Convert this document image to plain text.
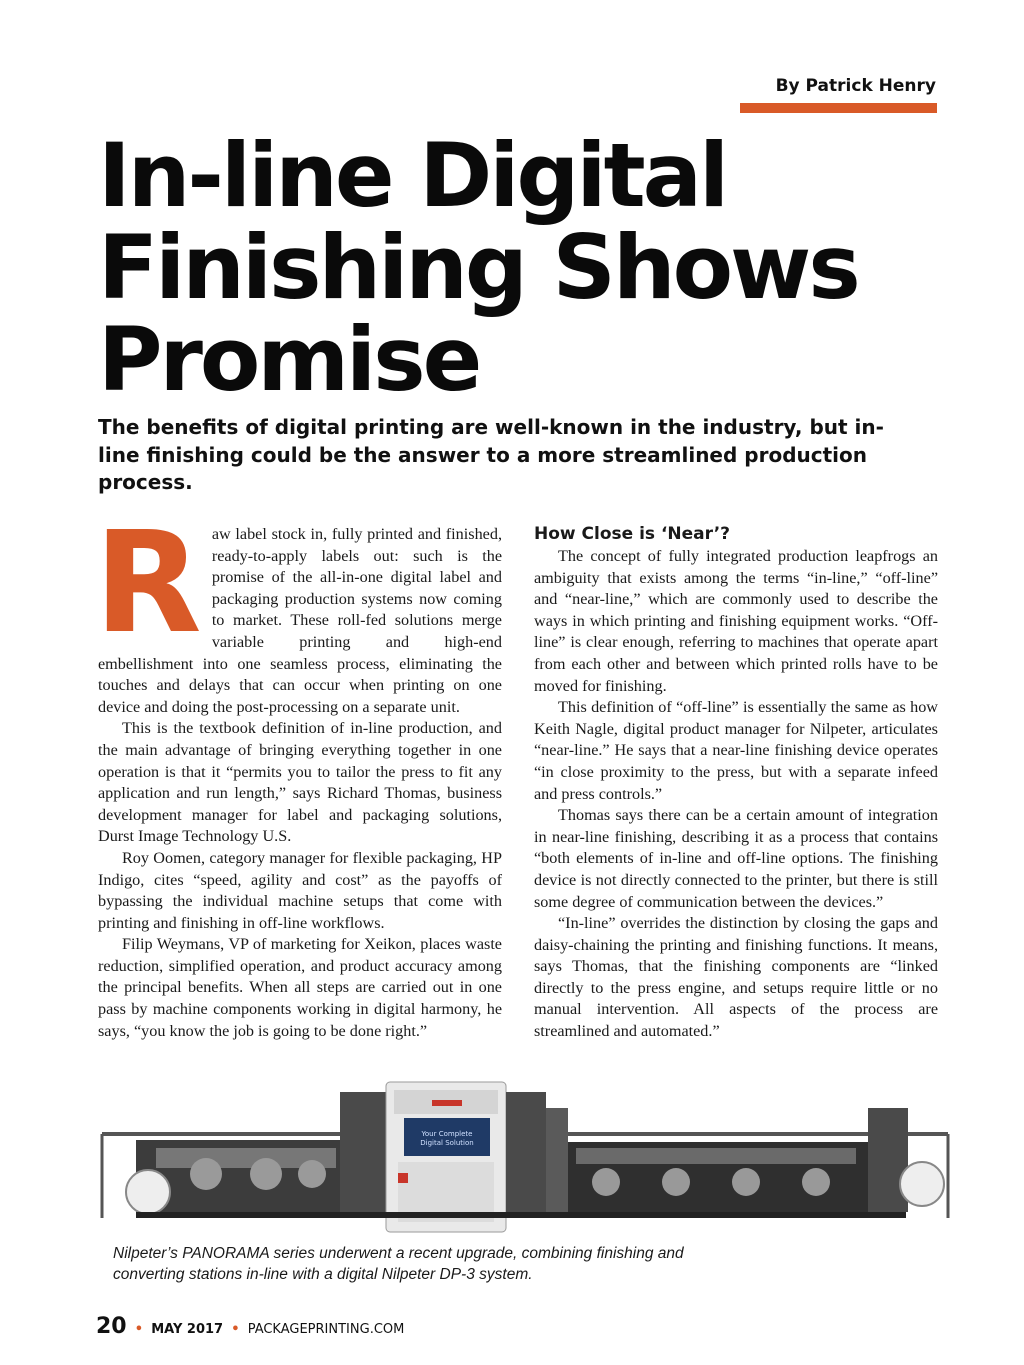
By Patrick Henry
In-line Digital Finishing Shows Promise

The benefits of digital printing are well-known in the industry, but in-line finishing could be the answer to a more streamlined production process.

R aw label stock in, fully printed and finished, ready-to-apply labels out: such is the promise of the all-in-one digital label and packaging production systems now coming to market. These roll-fed solutions merge variable printing and high-end embellishment into one seamless process, eliminating the touches and delays that can occur when printing on one device and doing the post-processing on a separate unit.

This is the textbook definition of in-line production, and the main advantage of bringing everything together in one operation is that it “permits you to tailor the press to fit any application and run length,” says Richard Thomas, business development manager for label and packaging solutions, Durst Image Technology U.S.

Roy Oomen, category manager for flexible packaging, HP Indigo, cites “speed, agility and cost” as the payoffs of bypassing the individual machine setups that come with printing and finishing in off-line workflows.

Filip Weymans, VP of marketing for Xeikon, places waste reduction, simplified operation, and product accuracy among the principal benefits. When all steps are carried out in one pass by machine components working in digital harmony, he says, “you know the job is going to be done right.”

How Close is ‘Near’?

The concept of fully integrated production leapfrogs an ambiguity that exists among the terms “in-line,” “off-line” and “near-line,” which are commonly used to describe the ways in which printing and finishing equipment works. “Off-line” is clear enough, referring to machines that operate apart from each other and between which printed rolls have to be moved for finishing.

This definition of “off-line” is essentially the same as how Keith Nagle, digital product manager for Nilpeter, articulates “near-line.” He says that a near-line finishing device operates “in close proximity to the press, but with a separate infeed and press controls.”

Thomas says there can be a certain amount of integration in near-line finishing, describing it as a process that contains “both elements of in-line and off-line options. The finishing device is not directly connected to the printer, but there is still some degree of communication between the devices.”

“In-line” overrides the distinction by closing the gaps and daisy-chaining the printing and finishing functions. It means, says Thomas, that the finishing components are “linked directly to the press engine, and setups require little or no manual intervention. All aspects of the process are streamlined and automated.”

Your Complete
Digital Solution

Nilpeter’s PANORAMA series underwent a recent upgrade, combining finishing and converting stations in-line with a digital Nilpeter DP-3 system.

20 • MAY 2017 • PACKAGEPRINTING.COM
